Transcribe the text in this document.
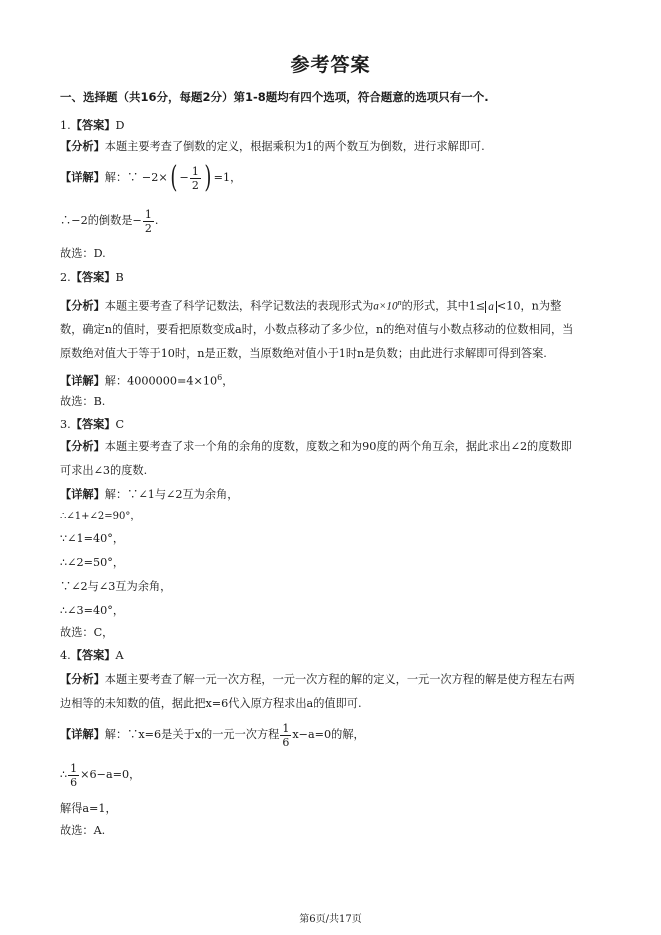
参考答案
一、选择题（共16分，每题2分）第1-8题均有四个选项，符合题意的选项只有一个.
1.【答案】D
【分析】本题主要考查了倒数的定义，根据乘积为1的两个数互为倒数，进行求解即可.
【详解】解：∵ $-2\times( - \frac{1}{2}$ ) =1，
∴−2的倒数是− $\frac{1}{2}$ .
故选：D.
2.【答案】B
【分析】本题主要考查了科学记数法，科学记数法的表现形式为$a\times 10^n$的形式，其中1≤ a <10，n为整
数，确定n的值时，要看把原数变成a时，小数点移动了多少位，n的绝对值与小数点移动的位数相同，当
原数绝对值大于等于10时，n是正数，当原数绝对值小于1时n是负数；由此进行求解即可得到答案.
【详解】解：$4000000=4\times 10^6$，
故选：B.
3.【答案】C
【分析】本题主要考查了求一个角的余角的度数，度数之和为90度的两个角互余，据此求出∠2的度数即
可求出∠3的度数.
【详解】解：∵∠1与∠2互为余角，
∴∠1+∠2=90°，
∵∠1=40°，
∴∠2=50°，
∵∠2与∠3互为余角，
∴∠3=40°，
故选：C，
4.【答案】A
【分析】本题主要考查了解一元一次方程，一元一次方程的解的定义，一元一次方程的解是使方程左右两
边相等的未知数的值，据此把x=6代入原方程求出a的值即可.
【详解】解：∵x=6是关于x的一元一次方程 $\frac{1}{6} x-a=0$的解，
∴ $\frac{1}{6} \times 6-a=0$，
解得a=1，
故选：A.
第6页/共17页
